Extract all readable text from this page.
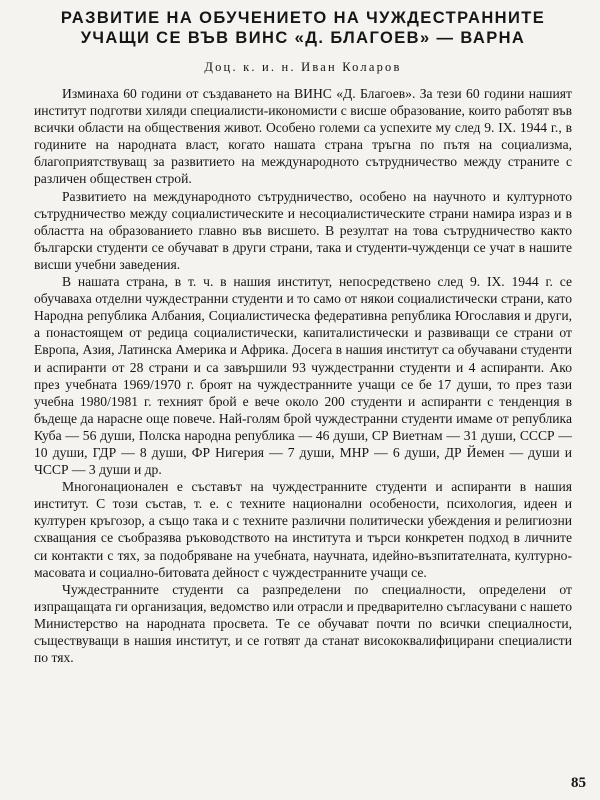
РАЗВИТИЕ НА ОБУЧЕНИЕТО НА ЧУЖДЕСТРАННИТЕ
УЧАЩИ СЕ ВЪВ ВИНС «Д. БЛАГОЕВ» — ВАРНА
Доц. к. и. н. Иван Коларов

Изминаха 60 години от създаването на ВИНС «Д. Благоев». За тези 60 години нашият институт подготви хиляди специалисти-икономисти с висше образование, които работят във всички области на обществения живот. Особено големи са успехите му след 9. IX. 1944 г., в годините на народната власт, когато нашата страна тръгна по пътя на социализма, благоприятствуващ за развитието на международното сътрудничество между страните с различен обществен строй.

Развитието на международното сътрудничество, особено на научното и културното сътрудничество между социалистическите и несоциалистическите страни намира израз и в областта на образованието главно във висшето. В резултат на това сътрудничество както български студенти се обучават в други страни, така и студенти-чужденци се учат в нашите висши учебни заведения.

В нашата страна, в т. ч. в нашия институт, непосредствено след 9. IX. 1944 г. се обучаваха отделни чуждестранни студенти и то само от някои социалистически страни, като Народна република Албания, Социалистическа федеративна република Югославия и други, а понастоящем от редица социалистически, капиталистически и развиващи се страни от Европа, Азия, Латинска Америка и Африка. Досега в нашия институт са обучавани студенти и аспиранти от 28 страни и са завършили 93 чуждестранни студенти и 4 аспиранти. Ако през учебната 1969/1970 г. броят на чуждестранните учащи се бе 17 души, то през тази учебна 1980/1981 г. техният брой е вече около 200 студенти и аспиранти с тенденция в бъдеще да нараснe още повече. Най-голям брой чуждестранни студенти имаме от република Куба — 56 души, Полска народна република — 46 души, СР Виетнам — 31 души, СССР — 10 души, ГДР — 8 души, ФР Нигерия — 7 души, МНР — 6 души, ДР Йемен — души и ЧССР — 3 души и др.

Многонационален е съставът на чуждестранните студенти и аспиранти в нашия институт. С този състав, т. е. с техните национални особености, психология, идеен и културен кръгозор, а също така и с техните различни политически убеждения и религиозни схващания се съобразява ръководството на института и търси конкретен подход в личните си контакти с тях, за подобряване на учебната, научната, идейно-възпитателната, културно-масовата и социално-битовата дейност с чуждестранните учащи се.

Чуждестранните студенти са разпределени по специалности, определени от изпращащата ги организация, ведомство или отрасли и предварително съгласувани с нашето Министерство на народната просвета. Те се обучават почти по всички специалности, съществуващи в нашия институт, и се готвят да станат висококвалифицирани специалисти по тях.

85
